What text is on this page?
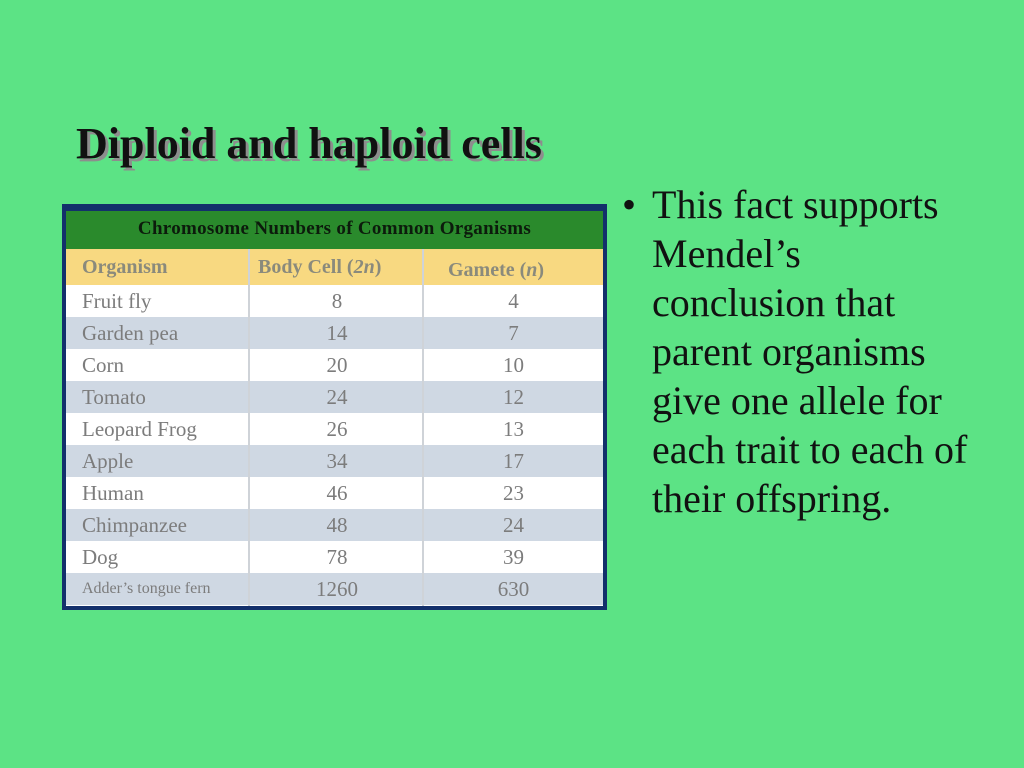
Diploid and haploid cells
Chromosome Numbers of Common Organisms
Organism	Body Cell (2n)	Gamete (n)
Fruit fly	8	4
Garden pea	14	7
Corn	20	10
Tomato	24	12
Leopard Frog	26	13
Apple	34	17
Human	46	23
Chimpanzee	48	24
Dog	78	39
Adder’s tongue fern	1260	630
• This fact supports Mendel’s conclusion that parent organisms give one allele for each trait to each of their offspring.
